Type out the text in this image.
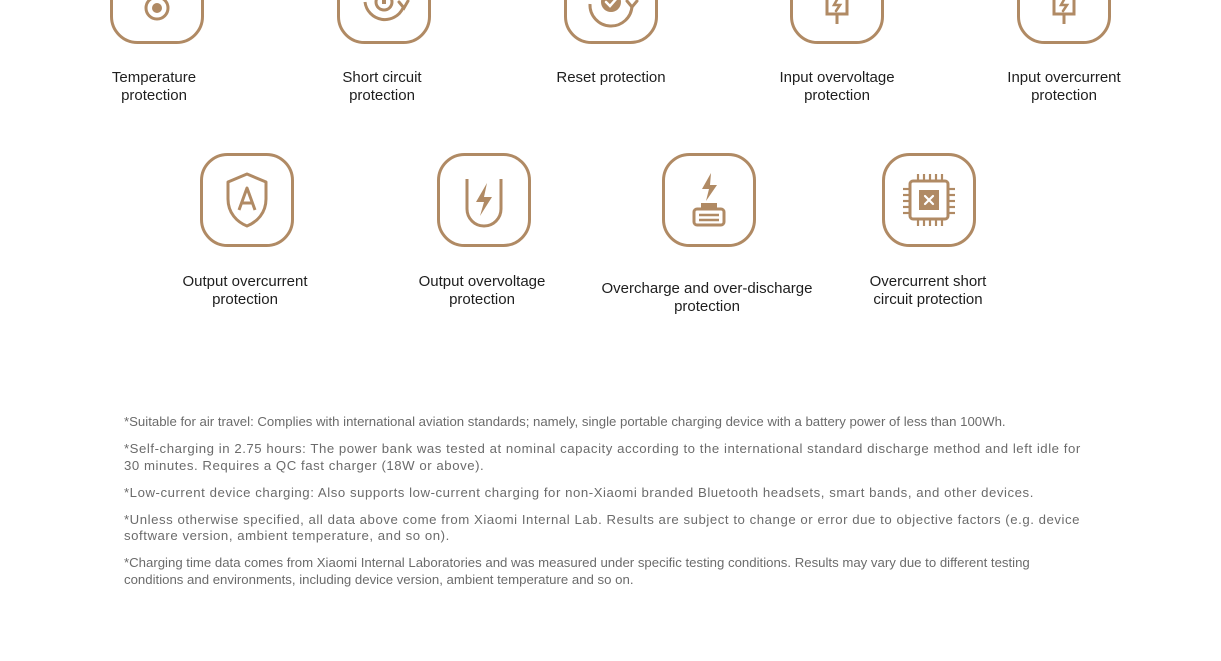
Temperature
protection
Short circuit
protection
Reset protection	Input overvoltage
protection
Input overcurrent
protection
Output overcurrent
protection
Output overvoltage
protection
Overcharge and over-discharge
protection
Overcurrent short
circuit protection

*Suitable for air travel: Complies with international aviation standards; namely, single portable charging device with a battery power of less than 100Wh.

*Self-charging in 2.75 hours: The power bank was tested at nominal capacity according to the international standard discharge method and left idle for 30 minutes. Requires a QC fast charger (18W or above).

*Low-current device charging: Also supports low-current charging for non-Xiaomi branded Bluetooth headsets, smart bands, and other devices.

*Unless otherwise specified, all data above come from Xiaomi Internal Lab. Results are subject to change or error due to objective factors (e.g. device software version, ambient temperature, and so on).

*Charging time data comes from Xiaomi Internal Laboratories and was measured under specific testing conditions. Results may vary due to different testing conditions and environments, including device version, ambient temperature and so on.
